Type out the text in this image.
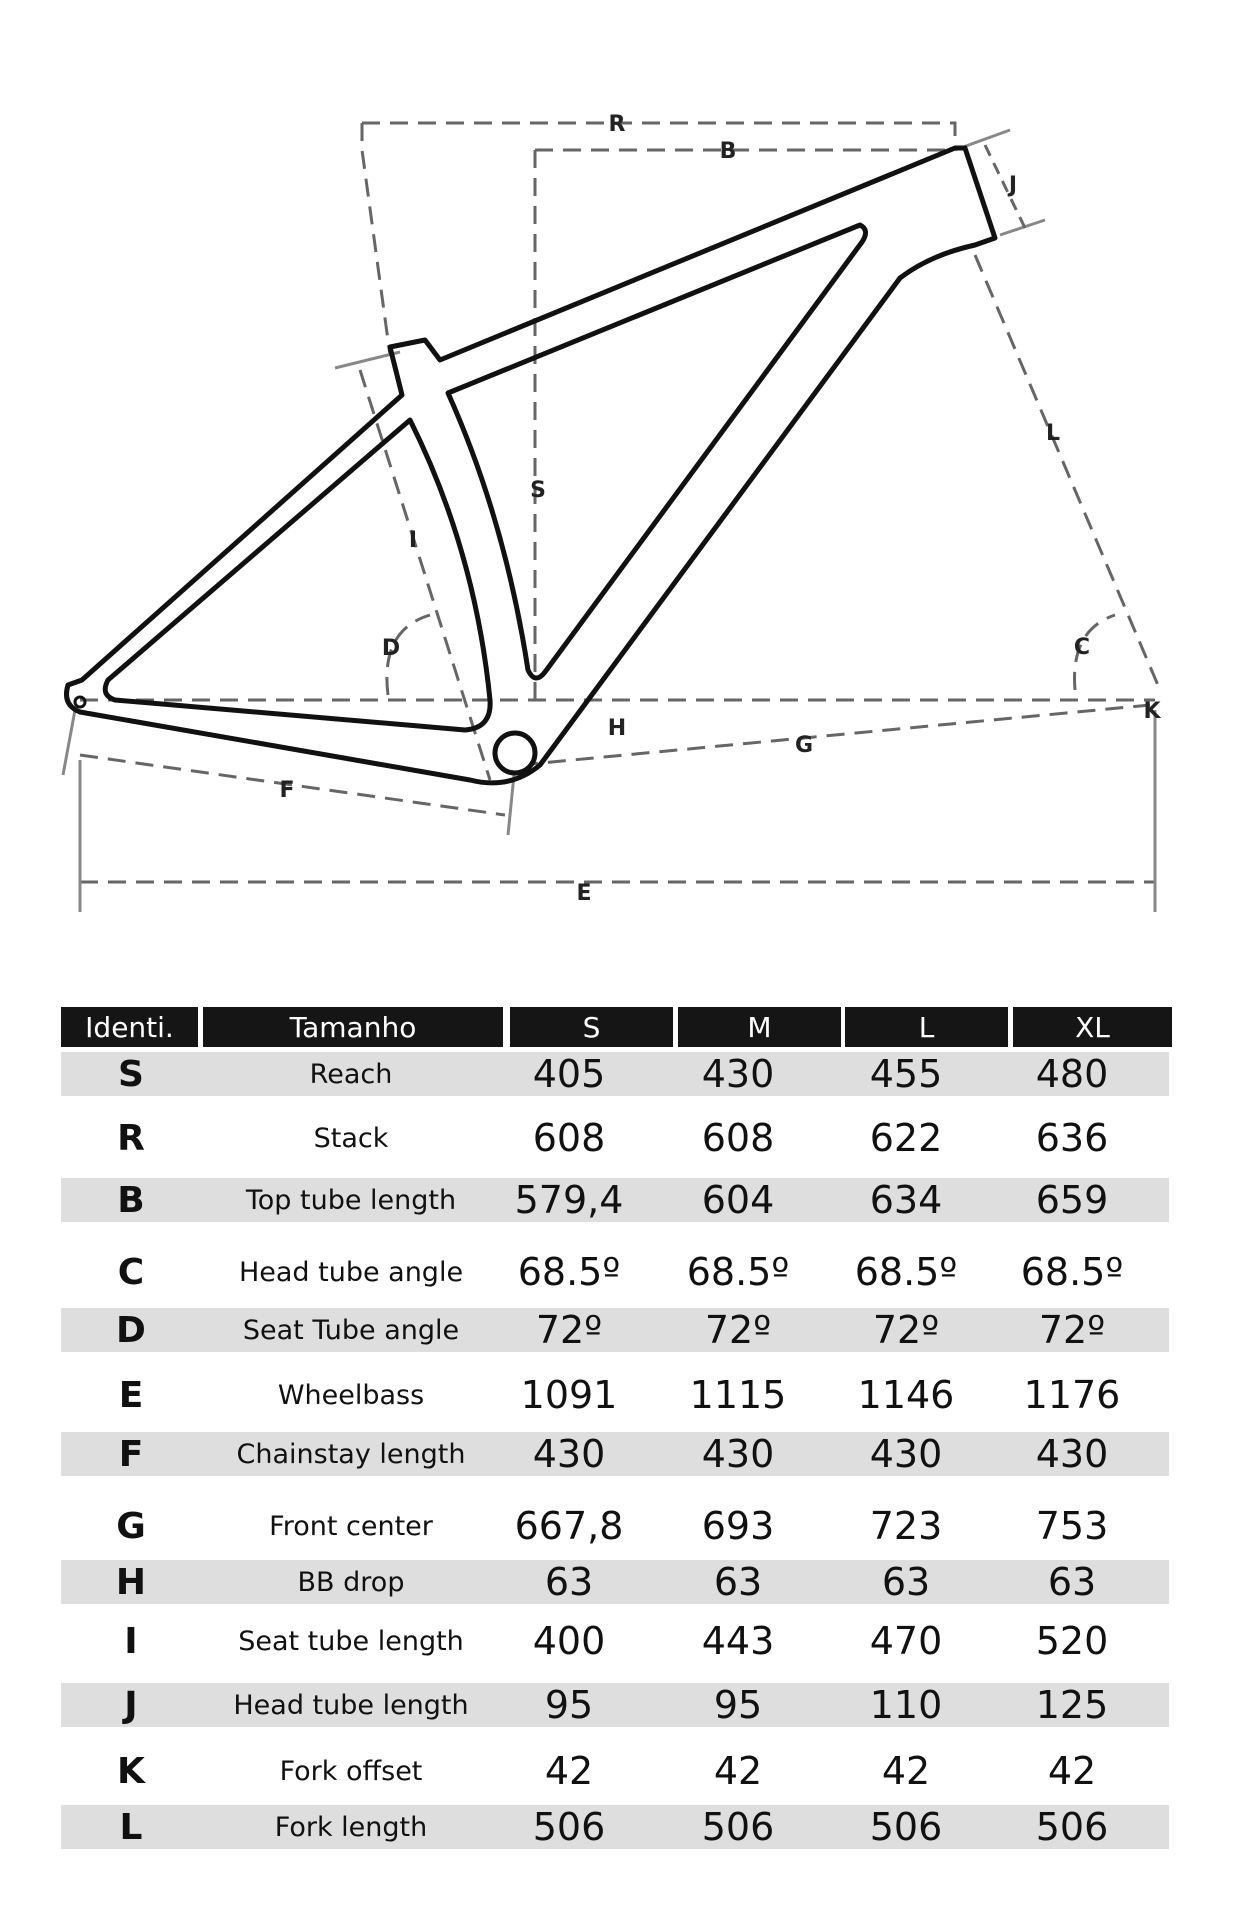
R
B
J
S
L
I
D	C
H
G
F
E
K
Identi.	Tamanho	S	M	L	XL
S	Reach	405	430	455	480
R	Stack	608	608	622	636
B	Top tube length	579,4	604	634	659
C	Head tube angle	68.5º	68.5º	68.5º	68.5º
D	Seat Tube angle	72º	72º	72º	72º
E	Wheelbass	1091	1115	1146	1176
F	Chainstay length	430	430	430	430
G	Front center	667,8	693	723	753
H	BB drop	63	63	63	63
I	Seat tube length	400	443	470	520
J	Head tube length	95	95	110	125
K	Fork offset	42	42	42	42
L	Fork length	506	506	506	506
